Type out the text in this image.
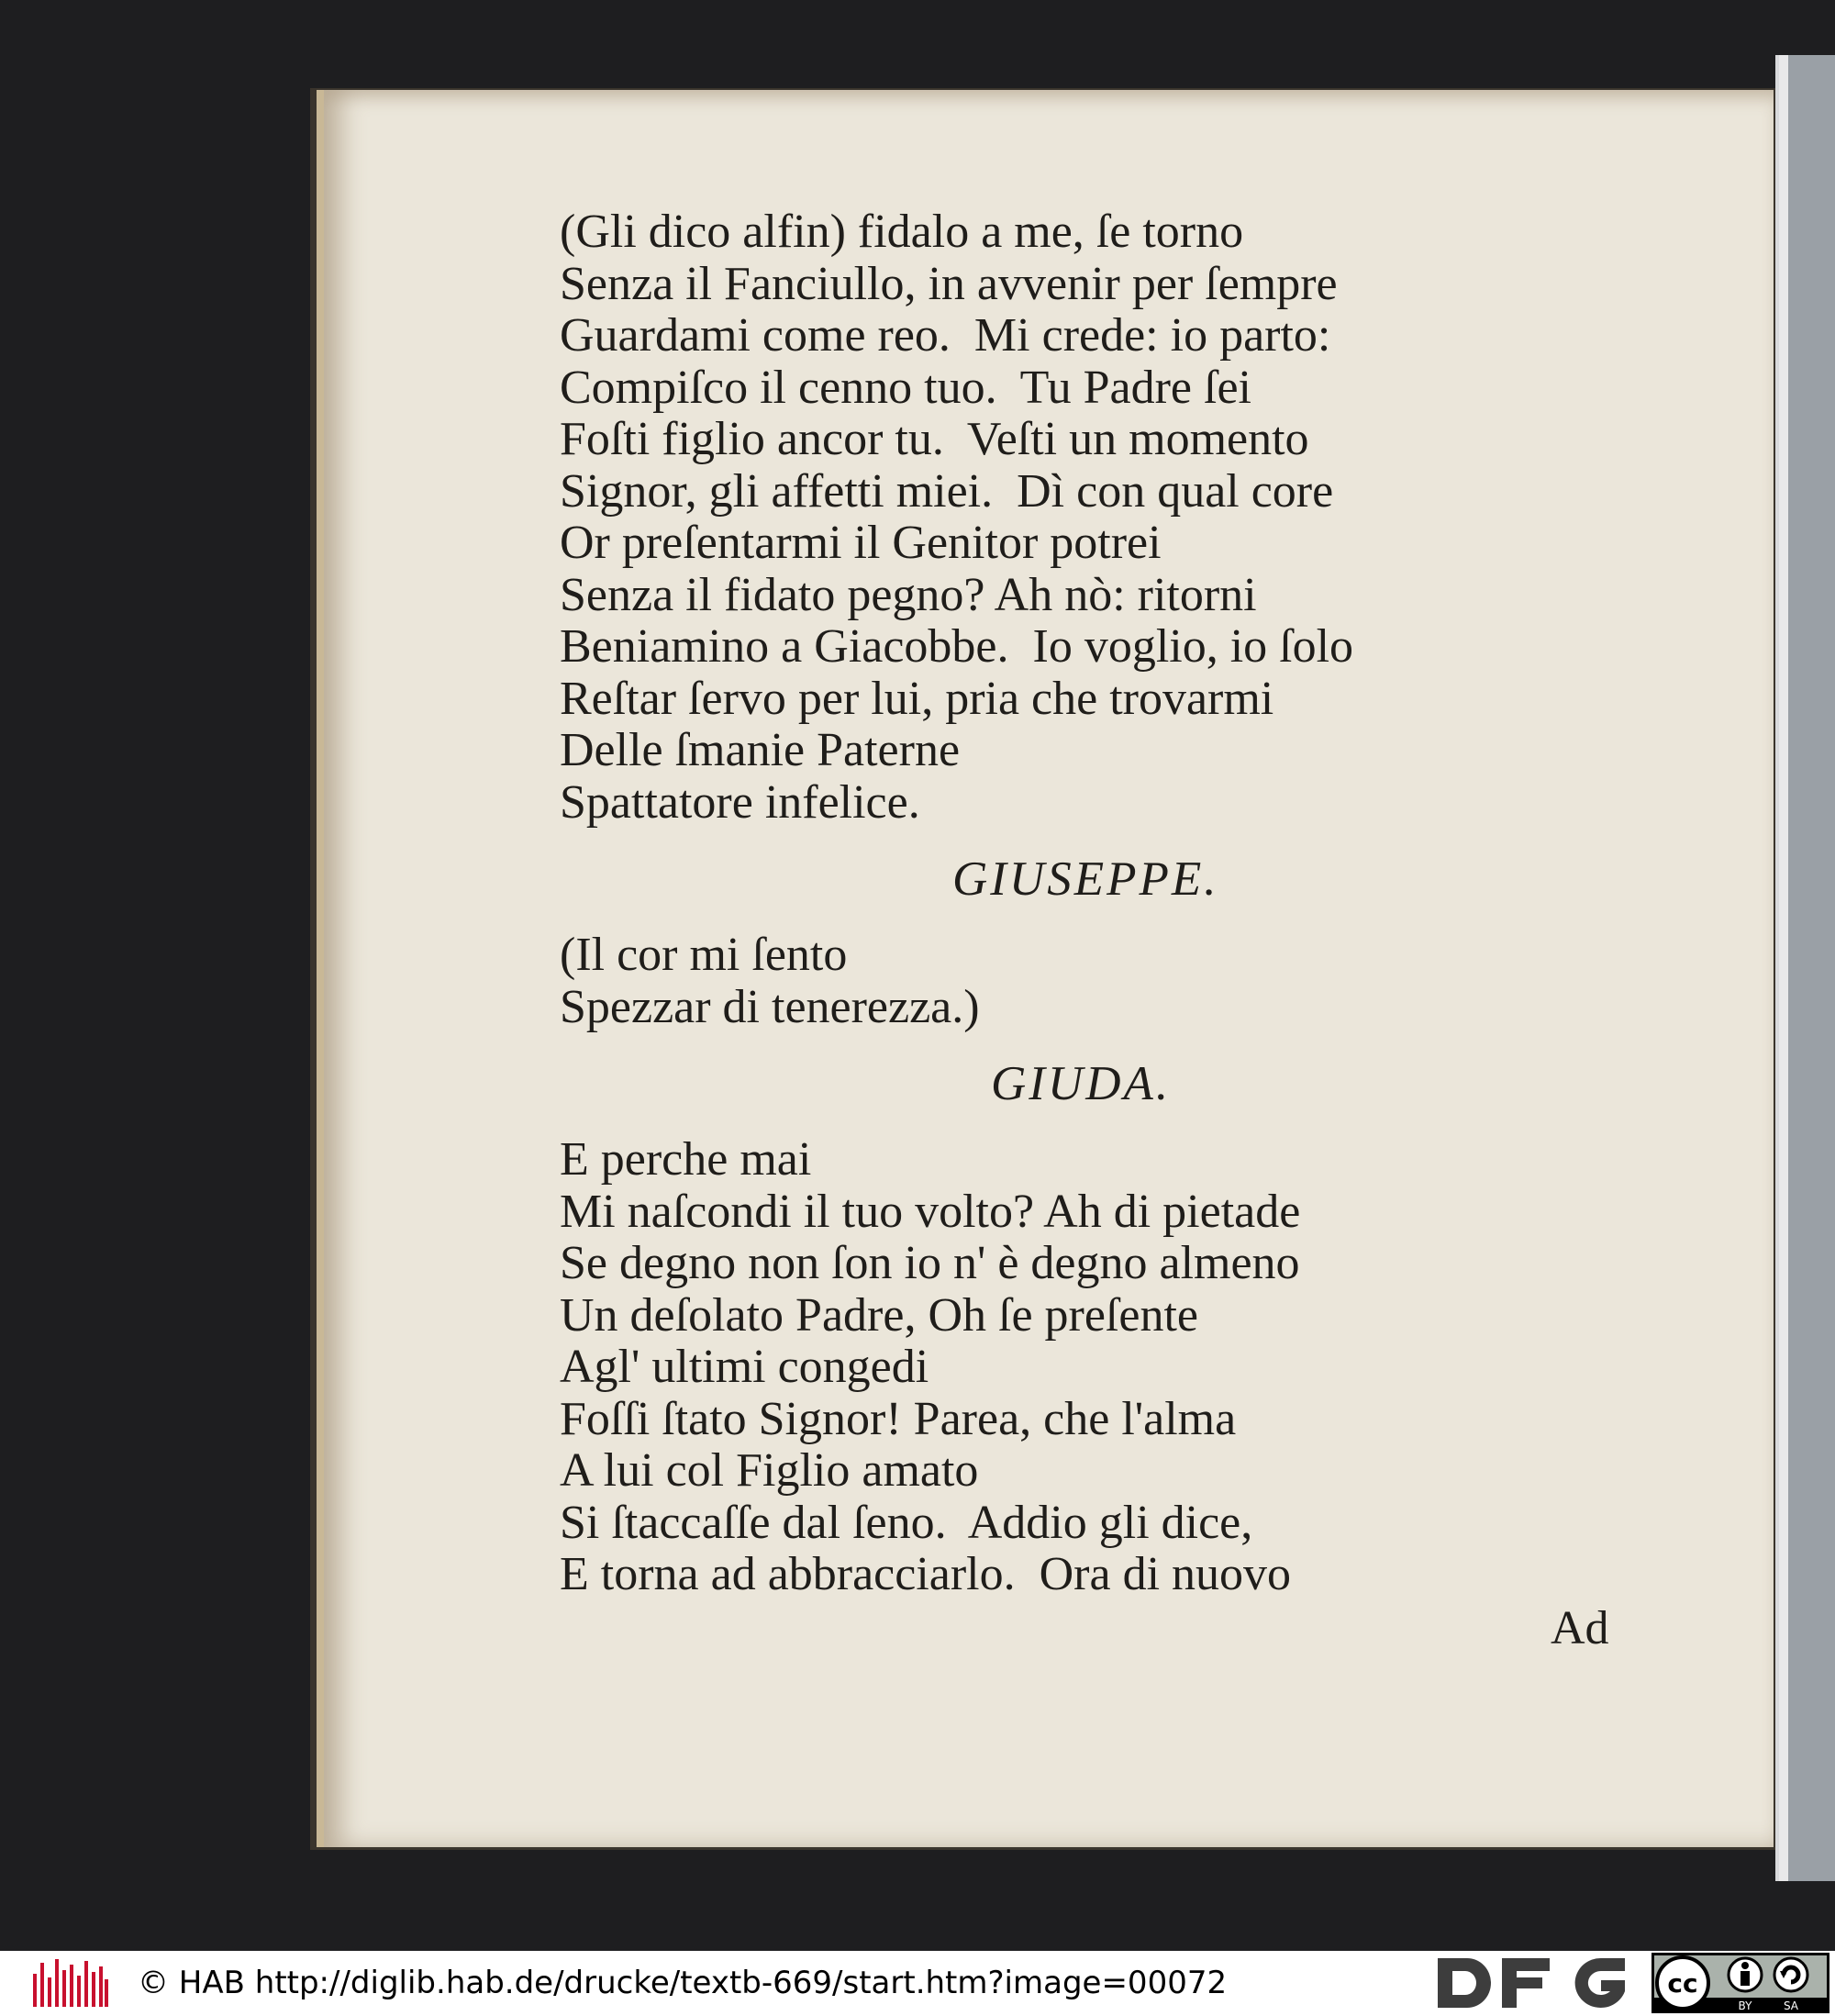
(Gli dico alfin) fidalo a me, ſe torno
Senza il Fanciullo, in avvenir per ſempre
Guardami come reo.  Mi crede: io parto:
Compiſco il cenno tuo.  Tu Padre ſei
Foſti figlio ancor tu.  Veſti un momento
Signor, gli affetti miei.  Dì con qual core
Or preſentarmi il Genitor potrei
Senza il fidato pegno? Ah nò: ritorni
Beniamino a Giacobbe.  Io voglio, io ſolo
Reſtar ſervo per lui, pria che trovarmi
Delle ſmanie Paterne
Spattatore infelice.
GIUSEPPE.
(Il cor mi ſento
Spezzar di tenerezza.)
GIUDA.
E perche mai
Mi naſcondi il tuo volto? Ah di pietade
Se degno non ſon io n' è degno almeno
Un deſolato Padre, Oh ſe preſente
Agl' ultimi congedi
Foſſi ſtato Signor! Parea, che l'alma
A lui col Figlio amato
Si ſtaccaſſe dal ſeno.  Addio gli dice,
E torna ad abbracciarlo.  Ora di nuovo
Ad
© HAB http://diglib.hab.de/drucke/textb-669/start.htm?image=00072	cc
BY	SA
